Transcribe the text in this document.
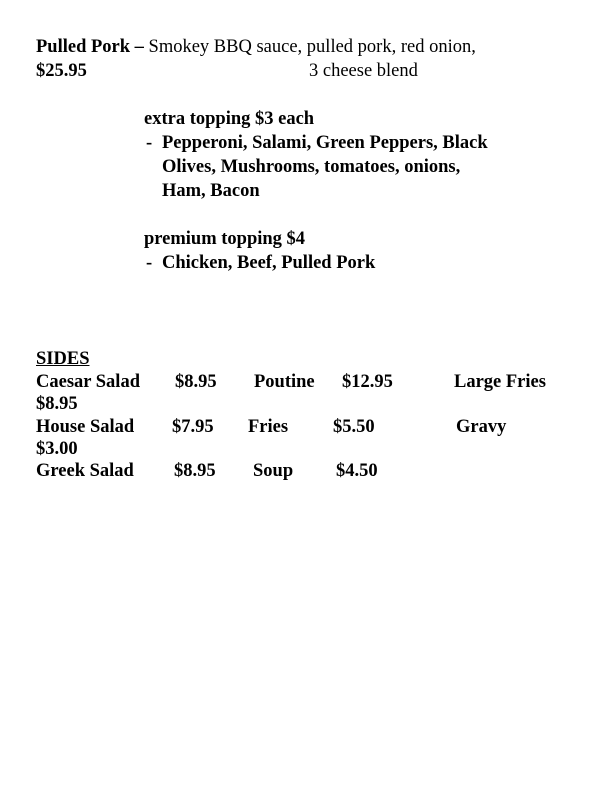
Pulled Pork – Smokey BBQ sauce, pulled pork, red onion,
$25.95	3 cheese blend
extra topping $3 each
- Pepperoni, Salami, Green Peppers, Black
Olives, Mushrooms, tomatoes, onions,
Ham, Bacon
premium topping $4
- Chicken, Beef, Pulled Pork
SIDES
Caesar Salad $8.95 Poutine $12.95	Large Fries
$8.95
House Salad $7.95 Fries $5.50	Gravy
$3.00
Greek Salad $8.95 Soup $4.50
